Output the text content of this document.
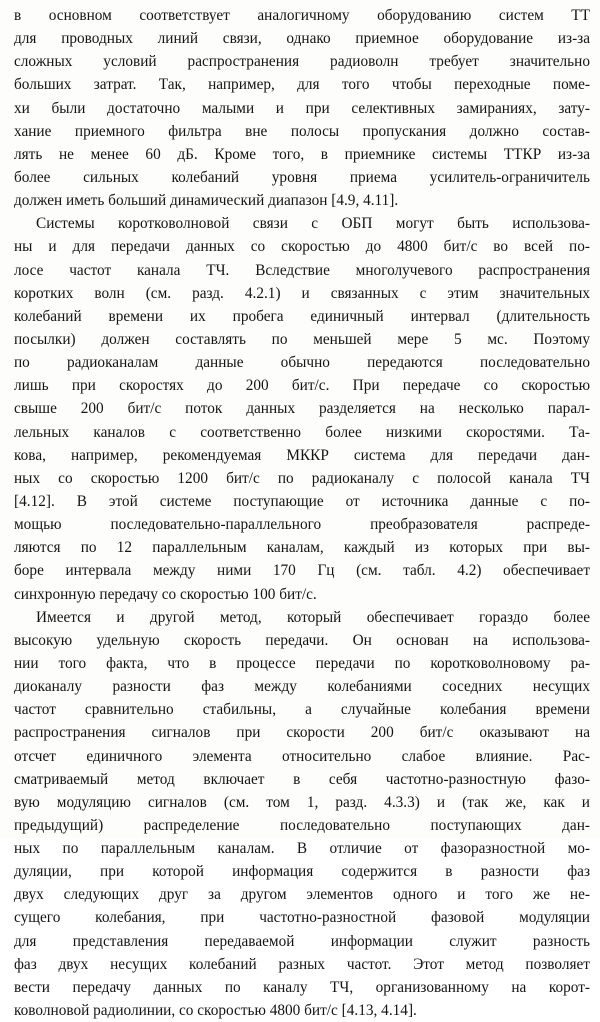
в основном соответствует аналогичному оборудованию систем ТТ
для проводных линий связи, однако приемное оборудование из-за
сложных условий распространения радиоволн требует значительно
больших затрат. Так, например, для того чтобы переходные поме-
хи были достаточно малыми и при селективных замираниях, зату-
хание приемного фильтра вне полосы пропускания должно состав-
лять не менее 60 дБ. Кроме того, в приемнике системы ТТКР из-за
более сильных колебаний уровня приема усилитель-ограничитель
должен иметь больший динамический диапазон [4.9, 4.11].
Системы коротковолновой связи с ОБП могут быть использова-
ны и для передачи данных со скоростью до 4800 бит/с во всей по-
лосе частот канала ТЧ. Вследствие многолучевого распространения
коротких волн (см. разд. 4.2.1) и связанных с этим значительных
колебаний времени их пробега единичный интервал (длительность
посылки) должен составлять по меньшей мере 5 мс. Поэтому
по радиоканалам данные обычно передаются последовательно
лишь при скоростях до 200 бит/с. При передаче со скоростью
свыше 200 бит/с поток данных разделяется на несколько парал-
лельных каналов с соответственно более низкими скоростями. Та-
кова, например, рекомендуемая МККР система для передачи дан-
ных со скоростью 1200 бит/с по радиоканалу с полосой канала ТЧ
[4.12]. В этой системе поступающие от источника данные с по-
мощью последовательно-параллельного преобразователя распреде-
ляются по 12 параллельным каналам, каждый из которых при вы-
боре интервала между ними 170 Гц (см. табл. 4.2) обеспечивает
синхронную передачу со скоростью 100 бит/с.
Имеется и другой метод, который обеспечивает гораздо более
высокую удельную скорость передачи. Он основан на использова-
нии того факта, что в процессе передачи по коротковолновому ра-
диоканалу разности фаз между колебаниями соседних несущих
частот сравнительно стабильны, а случайные колебания времени
распространения сигналов при скорости 200 бит/с оказывают на
отсчет единичного элемента относительно слабое влияние. Рас-
сматриваемый метод включает в себя частотно-разностную фазо-
вую модуляцию сигналов (см. том 1, разд. 4.3.3) и (так же, как и
предыдущий) распределение последовательно поступающих дан-
ных по параллельным каналам. В отличие от фазоразностной мо-
дуляции, при которой информация содержится в разности фаз
двух следующих друг за другом элементов одного и того же не-
сущего колебания, при частотно-разностной фазовой модуляции
для представления передаваемой информации служит разность
фаз двух несущих колебаний разных частот. Этот метод позволяет
вести передачу данных по каналу ТЧ, организованному на корот-
коволновой радиолинии, со скоростью 4800 бит/с [4.13, 4.14].
